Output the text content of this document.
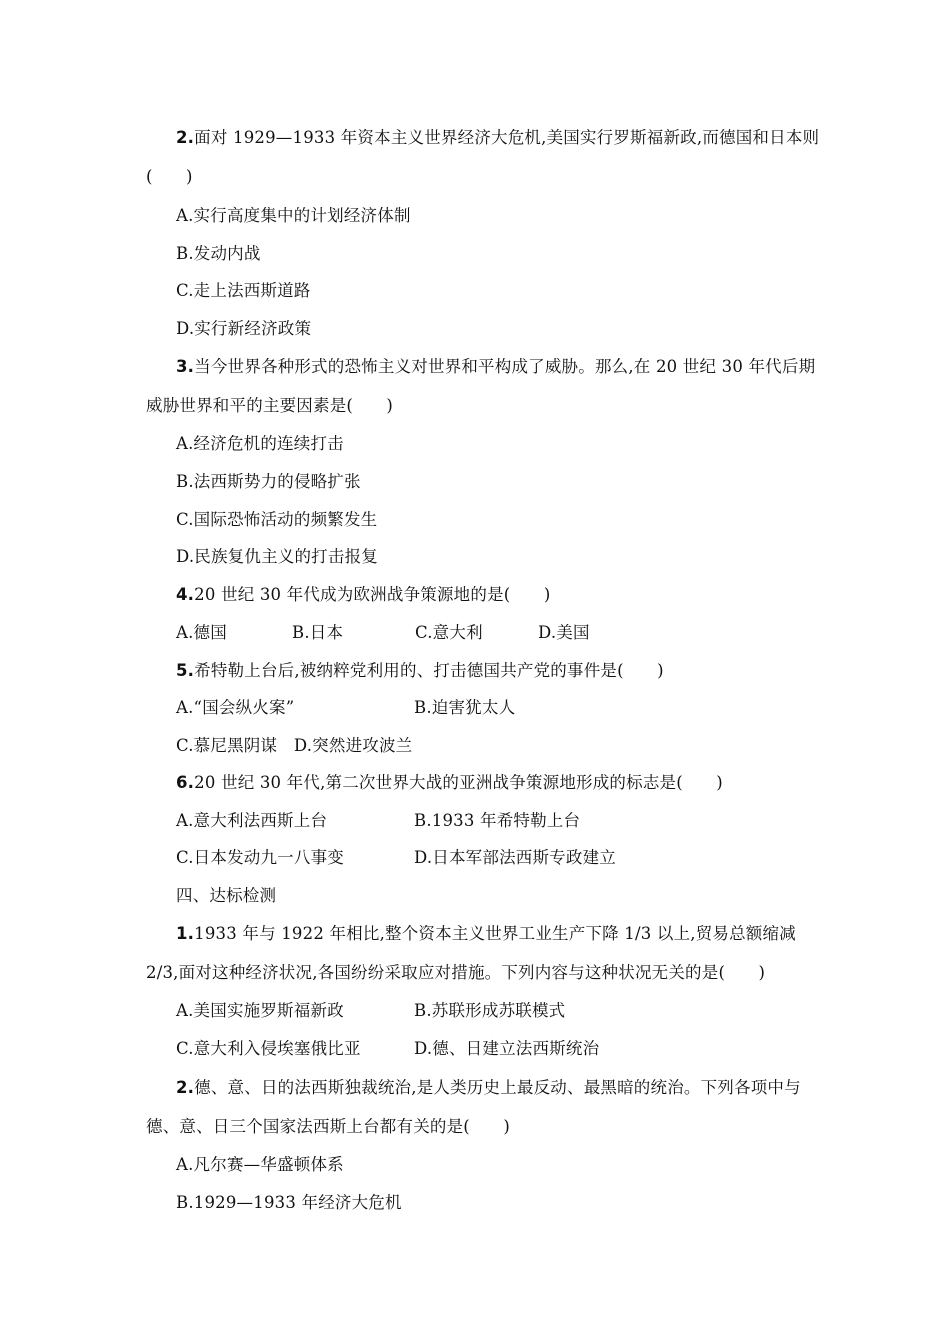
2.面对 1929—1933 年资本主义世界经济大危机,美国实行罗斯福新政,而德国和日本则
(　　)
A.实行高度集中的计划经济体制
B.发动内战
C.走上法西斯道路
D.实行新经济政策
3.当今世界各种形式的恐怖主义对世界和平构成了威胁。那么,在 20 世纪 30 年代后期
威胁世界和平的主要因素是(　　)
A.经济危机的连续打击
B.法西斯势力的侵略扩张
C.国际恐怖活动的频繁发生
D.民族复仇主义的打击报复
4.20 世纪 30 年代成为欧洲战争策源地的是(　　)
A.德国	B.日本	C.意大利	D.美国
5.希特勒上台后,被纳粹党利用的、打击德国共产党的事件是(　　)
A.“国会纵火案”	B.迫害犹太人
C.慕尼黑阴谋　D.突然进攻波兰
6.20 世纪 30 年代,第二次世界大战的亚洲战争策源地形成的标志是(　　)
A.意大利法西斯上台	B.1933 年希特勒上台
C.日本发动九一八事变	D.日本军部法西斯专政建立
四、达标检测
1.1933 年与 1922 年相比,整个资本主义世界工业生产下降 1/3 以上,贸易总额缩减
2/3,面对这种经济状况,各国纷纷采取应对措施。下列内容与这种状况无关的是(　　)
A.美国实施罗斯福新政	B.苏联形成苏联模式
C.意大利入侵埃塞俄比亚	D.德、日建立法西斯统治
2.德、意、日的法西斯独裁统治,是人类历史上最反动、最黑暗的统治。下列各项中与
德、意、日三个国家法西斯上台都有关的是(　　)
A.凡尔赛—华盛顿体系
B.1929—1933 年经济大危机
